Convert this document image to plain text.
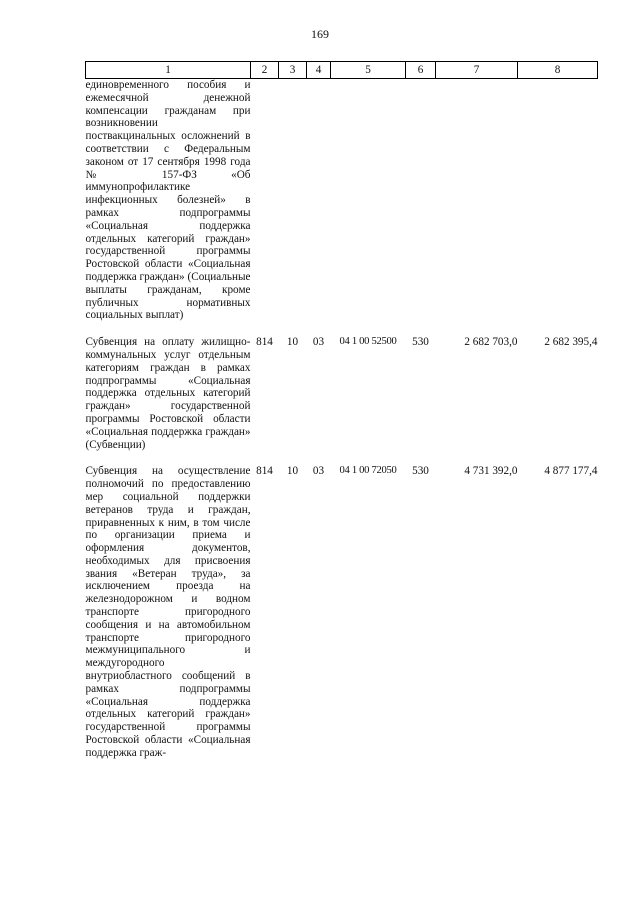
169
1	2	3	4	5	6	7	8
единовременного пособия и ежемесячной денежной компенсации гражданам при возникновении поствакцинальных осложнений в соответствии с Федеральным законом от 17 сентября 1998 года № 157-ФЗ «Об иммунопрофилактике инфекционных болезней» в рамках подпрограммы «Социальная поддержка отдельных категорий граждан» государственной программы Ростовской области «Социальная поддержка граждан» (Социальные выплаты гражданам, кроме публичных нормативных социальных выплат)							

Субвенция на оплату жилищно-коммунальных услуг отдельным категориям граждан в рамках подпрограммы «Социальная поддержка отдельных категорий граждан» государственной программы Ростовской области «Социальная поддержка граждан» (Субвенции)	814	10	03	04 1 00 52500	530	2 682 703,0	2 682 395,4

Субвенция на осуществление полномочий по предоставлению мер социальной поддержки ветеранов труда и граждан, приравненных к ним, в том числе по организации приема и оформления документов, необходимых для присвоения звания «Ветеран труда», за исключением проезда на железнодорожном и водном транспорте пригородного сообщения и на автомобильном транспорте пригородного межмуниципального и междугородного внутриобластного сообщений в рамках подпрограммы «Социальная поддержка отдельных категорий граждан» государственной программы Ростовской области «Социальная поддержка граж-	814	10	03	04 1 00 72050	530	4 731 392,0	4 877 177,4
